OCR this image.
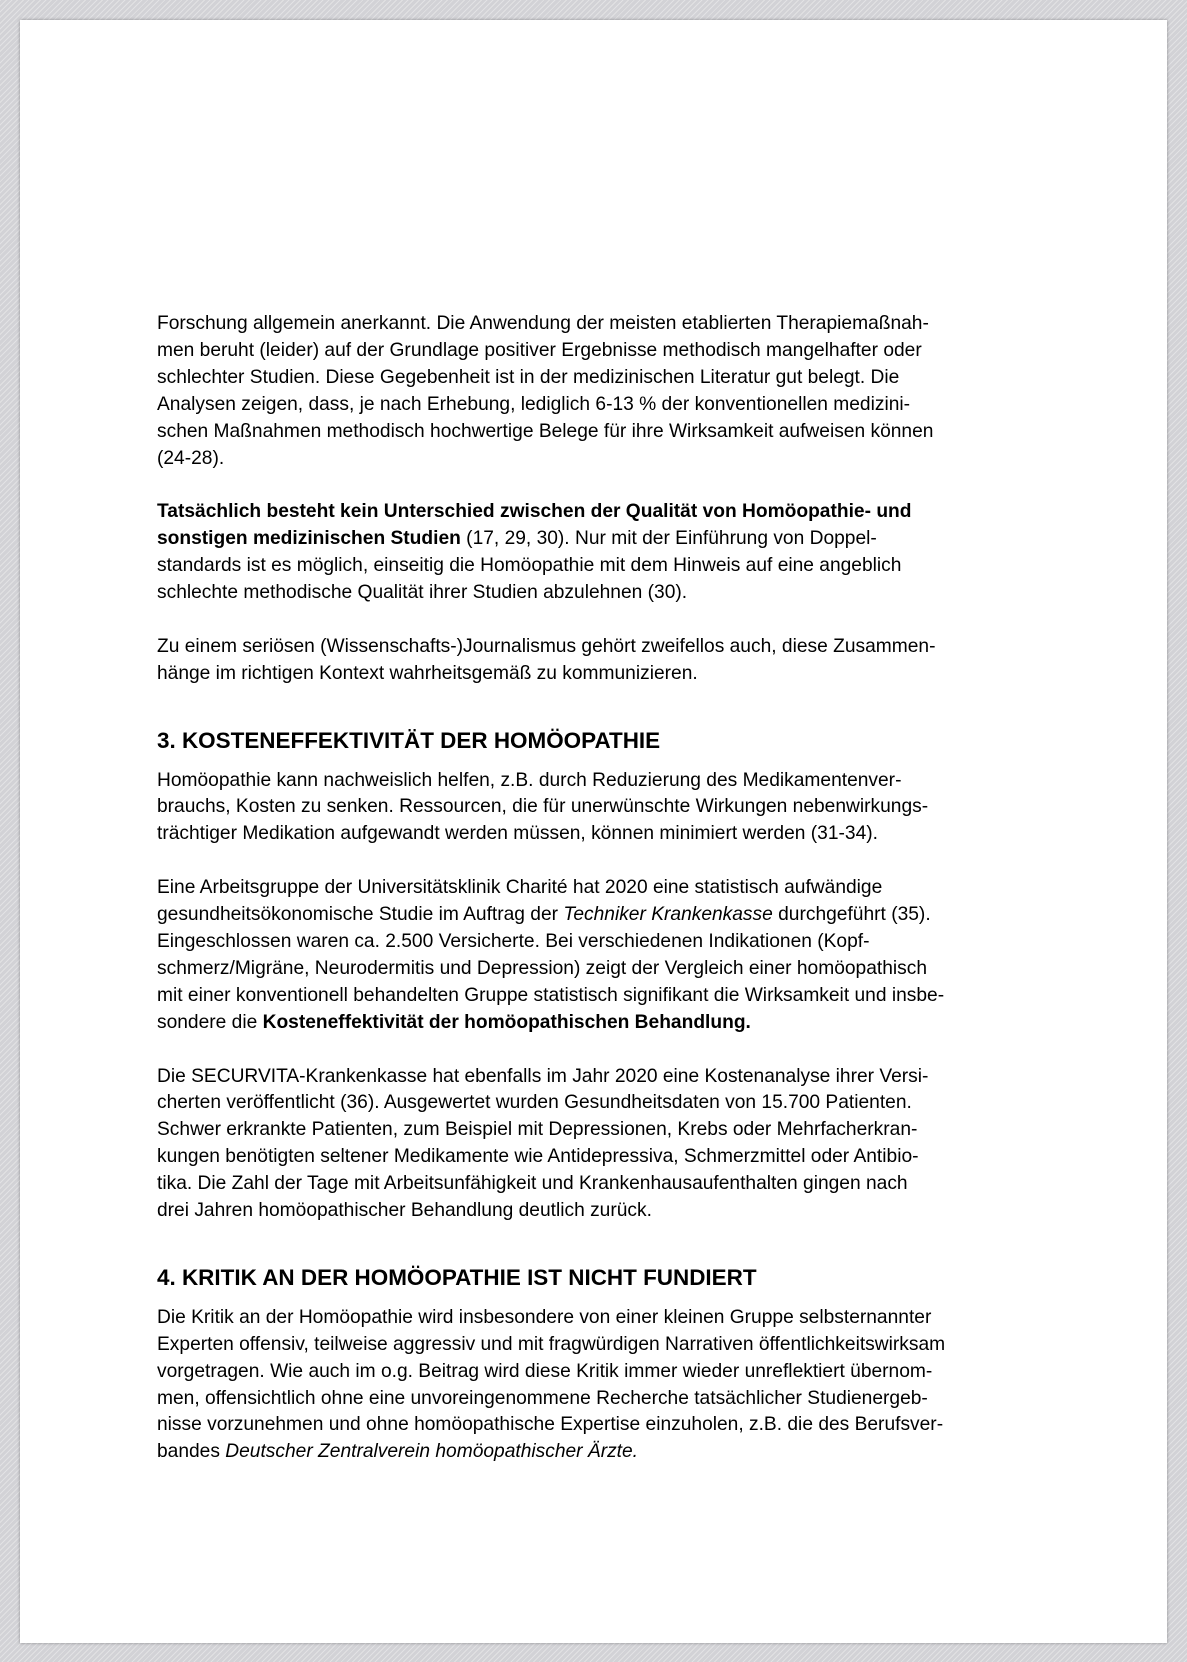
Forschung allgemein anerkannt. Die Anwendung der meisten etablierten Therapiemaßnah-
men beruht (leider) auf der Grundlage positiver Ergebnisse methodisch mangelhafter oder
schlechter Studien. Diese Gegebenheit ist in der medizinischen Literatur gut belegt. Die
Analysen zeigen, dass, je nach Erhebung, lediglich 6-13 % der konventionellen medizini-
schen Maßnahmen methodisch hochwertige Belege für ihre Wirksamkeit aufweisen können
(24-28).

Tatsächlich besteht kein Unterschied zwischen der Qualität von Homöopathie- und
sonstigen medizinischen Studien (17, 29, 30). Nur mit der Einführung von Doppel-
standards ist es möglich, einseitig die Homöopathie mit dem Hinweis auf eine angeblich
schlechte methodische Qualität ihrer Studien abzulehnen (30).

Zu einem seriösen (Wissenschafts-)Journalismus gehört zweifellos auch, diese Zusammen-
hänge im richtigen Kontext wahrheitsgemäß zu kommunizieren.

3. KOSTENEFFEKTIVITÄT DER HOMÖOPATHIE

Homöopathie kann nachweislich helfen, z.B. durch Reduzierung des Medikamentenver-
brauchs, Kosten zu senken. Ressourcen, die für unerwünschte Wirkungen nebenwirkungs-
trächtiger Medikation aufgewandt werden müssen, können minimiert werden (31-34).

Eine Arbeitsgruppe der Universitätsklinik Charité hat 2020 eine statistisch aufwändige
gesundheitsökonomische Studie im Auftrag der Techniker Krankenkasse durchgeführt (35).
Eingeschlossen waren ca. 2.500 Versicherte. Bei verschiedenen Indikationen (Kopf-
schmerz/Migräne, Neurodermitis und Depression) zeigt der Vergleich einer homöopathisch
mit einer konventionell behandelten Gruppe statistisch signifikant die Wirksamkeit und insbe-
sondere die Kosteneffektivität der homöopathischen Behandlung.

Die SECURVITA-Krankenkasse hat ebenfalls im Jahr 2020 eine Kostenanalyse ihrer Versi-
cherten veröffentlicht (36). Ausgewertet wurden Gesundheitsdaten von 15.700 Patienten.
Schwer erkrankte Patienten, zum Beispiel mit Depressionen, Krebs oder Mehrfacherkran-
kungen benötigten seltener Medikamente wie Antidepressiva, Schmerzmittel oder Antibio-
tika. Die Zahl der Tage mit Arbeitsunfähigkeit und Krankenhausaufenthalten gingen nach
drei Jahren homöopathischer Behandlung deutlich zurück.

4. KRITIK AN DER HOMÖOPATHIE IST NICHT FUNDIERT

Die Kritik an der Homöopathie wird insbesondere von einer kleinen Gruppe selbsternannter
Experten offensiv, teilweise aggressiv und mit fragwürdigen Narrativen öffentlichkeitswirksam
vorgetragen. Wie auch im o.g. Beitrag wird diese Kritik immer wieder unreflektiert übernom-
men, offensichtlich ohne eine unvoreingenommene Recherche tatsächlicher Studienergeb-
nisse vorzunehmen und ohne homöopathische Expertise einzuholen, z.B. die des Berufsver-
bandes Deutscher Zentralverein homöopathischer Ärzte.
